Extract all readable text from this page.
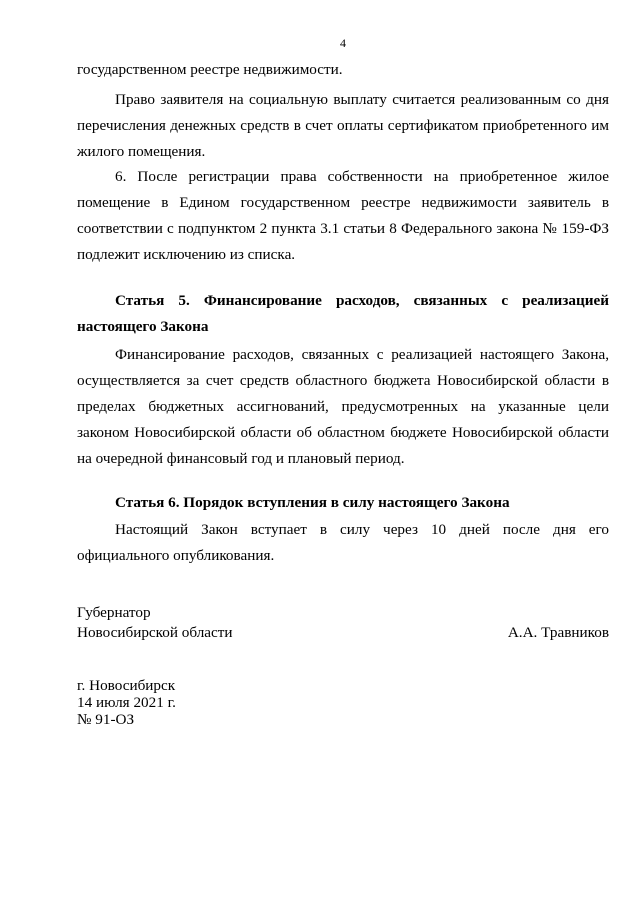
4
государственном реестре недвижимости.
Право заявителя на социальную выплату считается реализованным со дня перечисления денежных средств в счет оплаты сертификатом приобретенного им жилого помещения.
6. После регистрации права собственности на приобретенное жилое помещение в Едином государственном реестре недвижимости заявитель в соответствии с подпунктом 2 пункта 3.1 статьи 8 Федерального закона № 159-ФЗ подлежит исключению из списка.
Статья 5. Финансирование расходов, связанных с реализацией
настоящего Закона
Финансирование расходов, связанных с реализацией настоящего Закона, осуществляется за счет средств областного бюджета Новосибирской области в пределах бюджетных ассигнований, предусмотренных на указанные цели законом Новосибирской области об областном бюджете Новосибирской области на очередной финансовый год и плановый период.
Статья 6. Порядок вступления в силу настоящего Закона
Настоящий Закон вступает в силу через 10 дней после дня его официального опубликования.
Губернатор
Новосибирской области	А.А. Травников
г. Новосибирск
14 июля 2021 г.
№ 91-ОЗ
